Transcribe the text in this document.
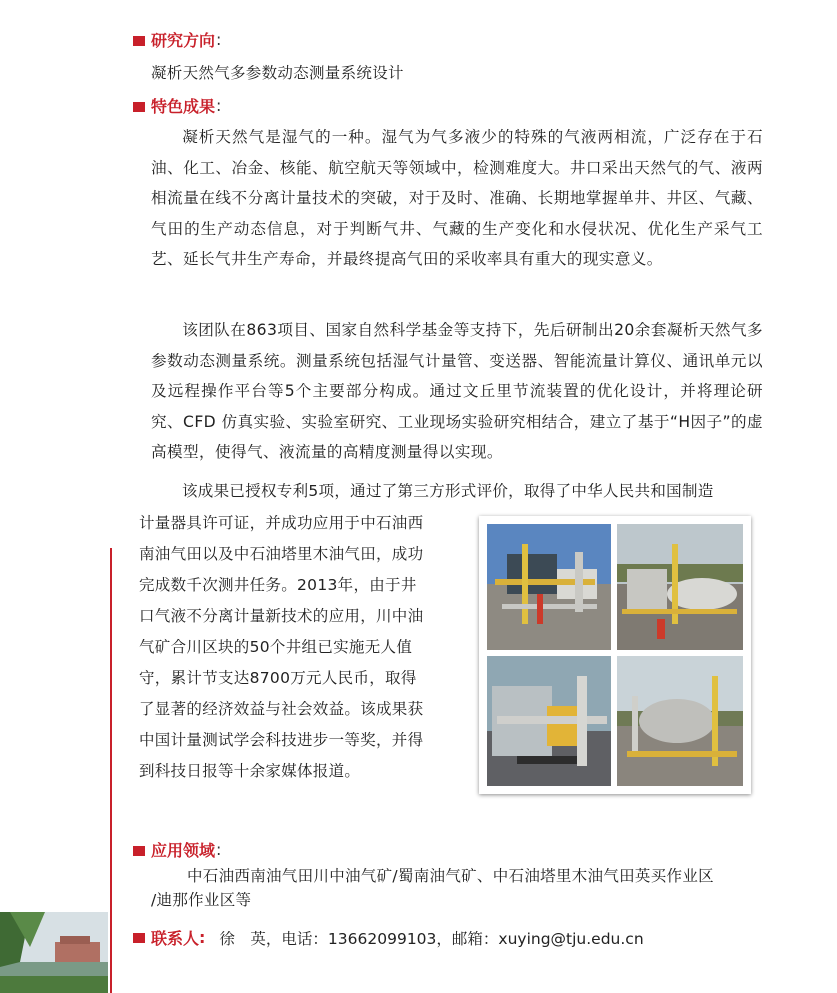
研究方向 :
凝析天然气多参数动态测量系统设计
特色成果 :

凝析天然气是湿气的一种。湿气为气多液少的特殊的气液两相流，广泛存在于石油、化工、冶金、核能、航空航天等领域中，检测难度大。井口采出天然气的气、液两相流量在线不分离计量技术的突破，对于及时、准确、长期地掌握单井、井区、气藏、气田的生产动态信息，对于判断气井、气藏的生产变化和水侵状况、优化生产采气工艺、延长气井生产寿命，并最终提高气田的采收率具有重大的现实意义。

该团队在863项目、国家自然科学基金等支持下，先后研制出20余套凝析天然气多参数动态测量系统。测量系统包括湿气计量管、变送器、智能流量计算仪、通讯单元以及远程操作平台等5个主要部分构成。通过文丘里节流装置的优化设计，并将理论研究、CFD 仿真实验、实验室研究、工业现场实验研究相结合，建立了基于“H因子”的虚高模型，使得气、液流量的高精度测量得以实现。

该成果已授权专利5项，通过了第三方形式评价，取得了中华人民共和国制造
计量器具许可证，并成功应用于中石油西
南油气田以及中石油塔里木油气田，成功
完成数千次测井任务。2013年，由于井
口气液不分离计量新技术的应用，川中油
气矿合川区块的50个井组已实施无人值
守，累计节支达8700万元人民币，取得
了显著的经济效益与社会效益。该成果获
中国计量测试学会科技进步一等奖，并得
到科技日报等十余家媒体报道。
应用领域 :
中石油西南油气田川中油气矿/蜀南油气矿、中石油塔里木油气田英买作业区
/迪那作业区等
联系人 : 徐　英，电话：13662099103，邮箱：xuying@tju.edu.cn
